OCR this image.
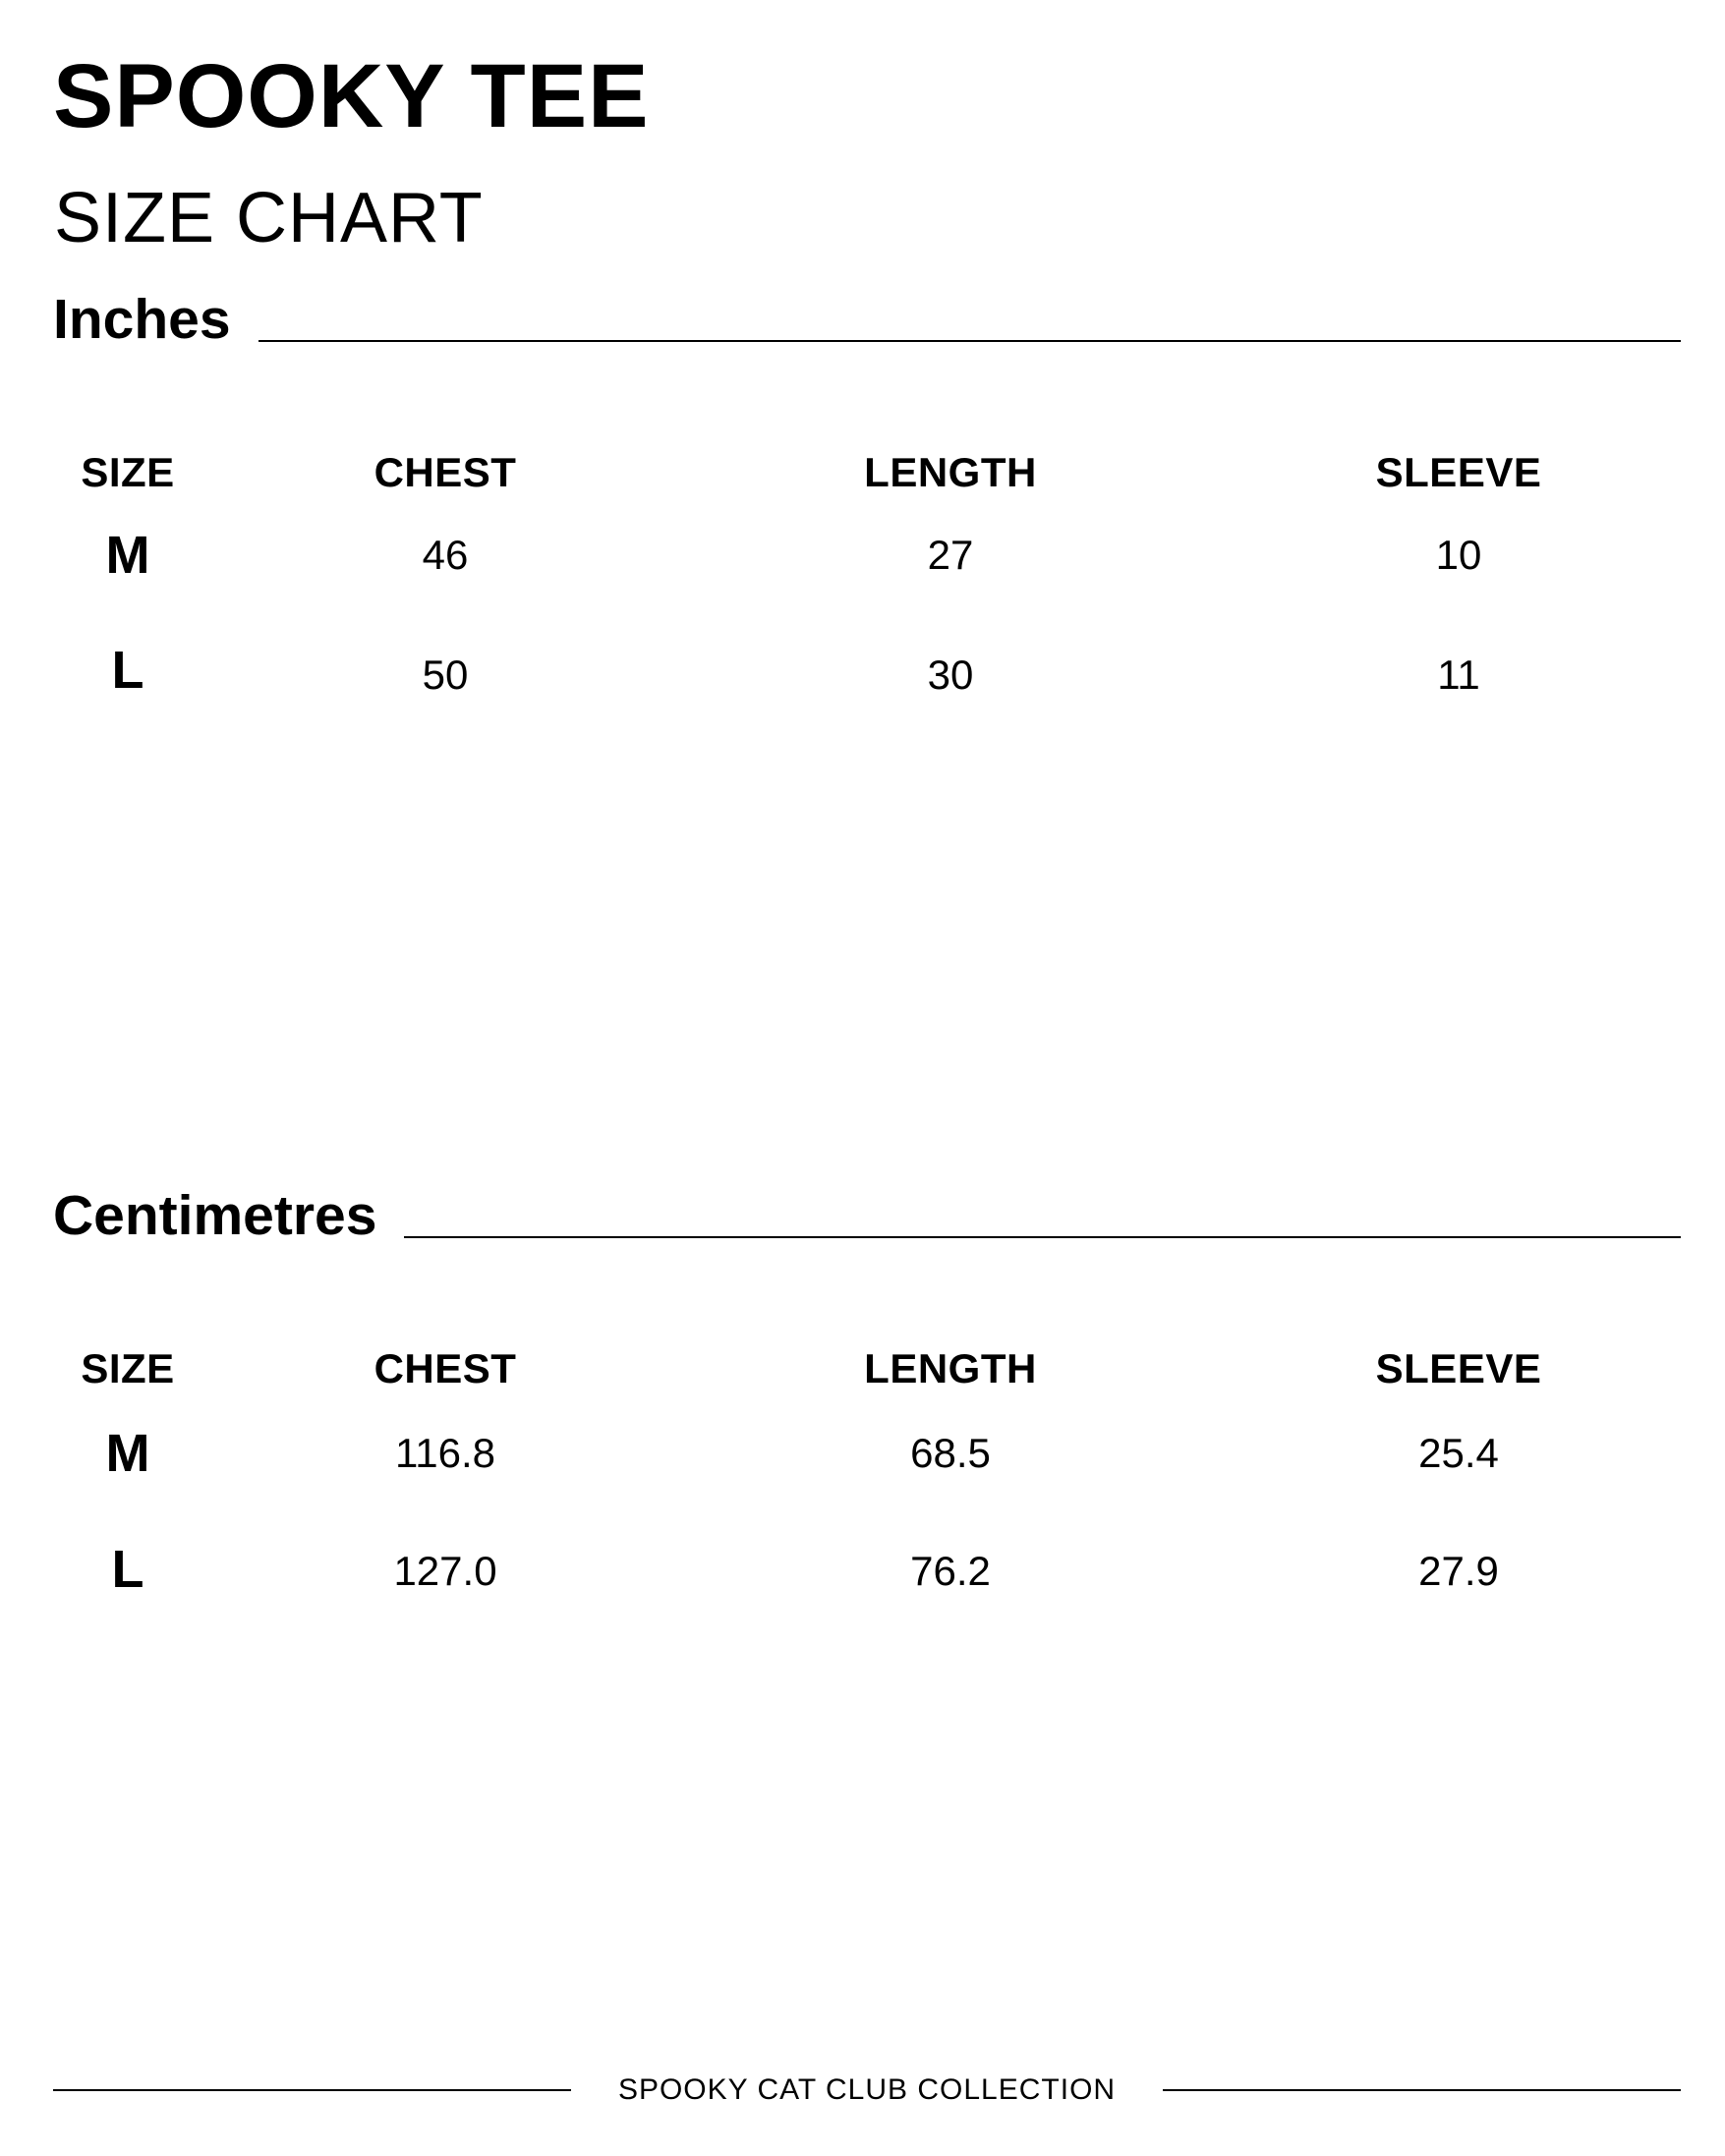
SPOOKY TEE
SIZE CHART
Inches
SIZE	CHEST	LENGTH	SLEEVE
M	46	27	10
L	50	30	11
Centimetres
SIZE	CHEST	LENGTH	SLEEVE
M	116.8	68.5	25.4
L	127.0	76.2	27.9
SPOOKY CAT CLUB COLLECTION
